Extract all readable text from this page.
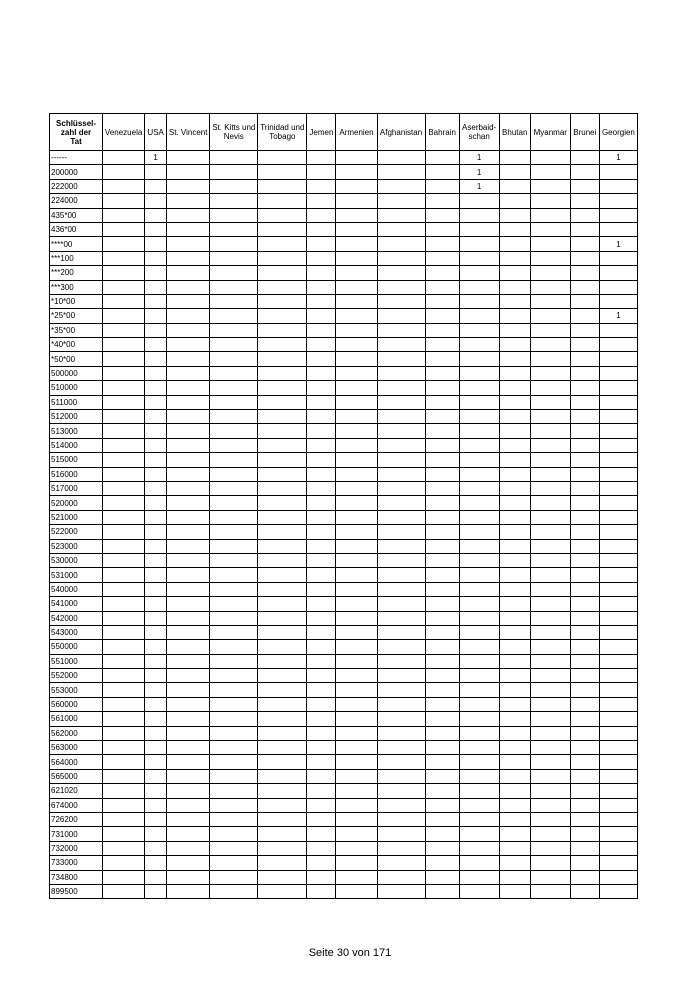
Schlüssel-
zahl der
Tat	Venezuela	USA	St. Vincent	St. Kitts und
Nevis	Trinidad und
Tobago	Jemen	Armenien	Afghanistan	Bahrain	Aserbaid-
schan	Bhutan	Myanmar	Brunei	Georgien
------		1								1				1
200000										1				
222000										1				
224000														
435*00														
436*00														
****00														1
***100														
***200														
***300														
*10*00														
*25*00														1
*35*00														
*40*00														
*50*00														
500000														
510000														
511000														
512000														
513000														
514000														
515000														
516000														
517000														
520000														
521000														
522000														
523000														
530000														
531000														
540000														
541000														
542000														
543000														
550000														
551000														
552000														
553000														
560000														
561000														
562000														
563000														
564000														
565000														
621020														
674000														
726200														
731000														
732000														
733000														
734800														
899500														
Seite 30 von 171
